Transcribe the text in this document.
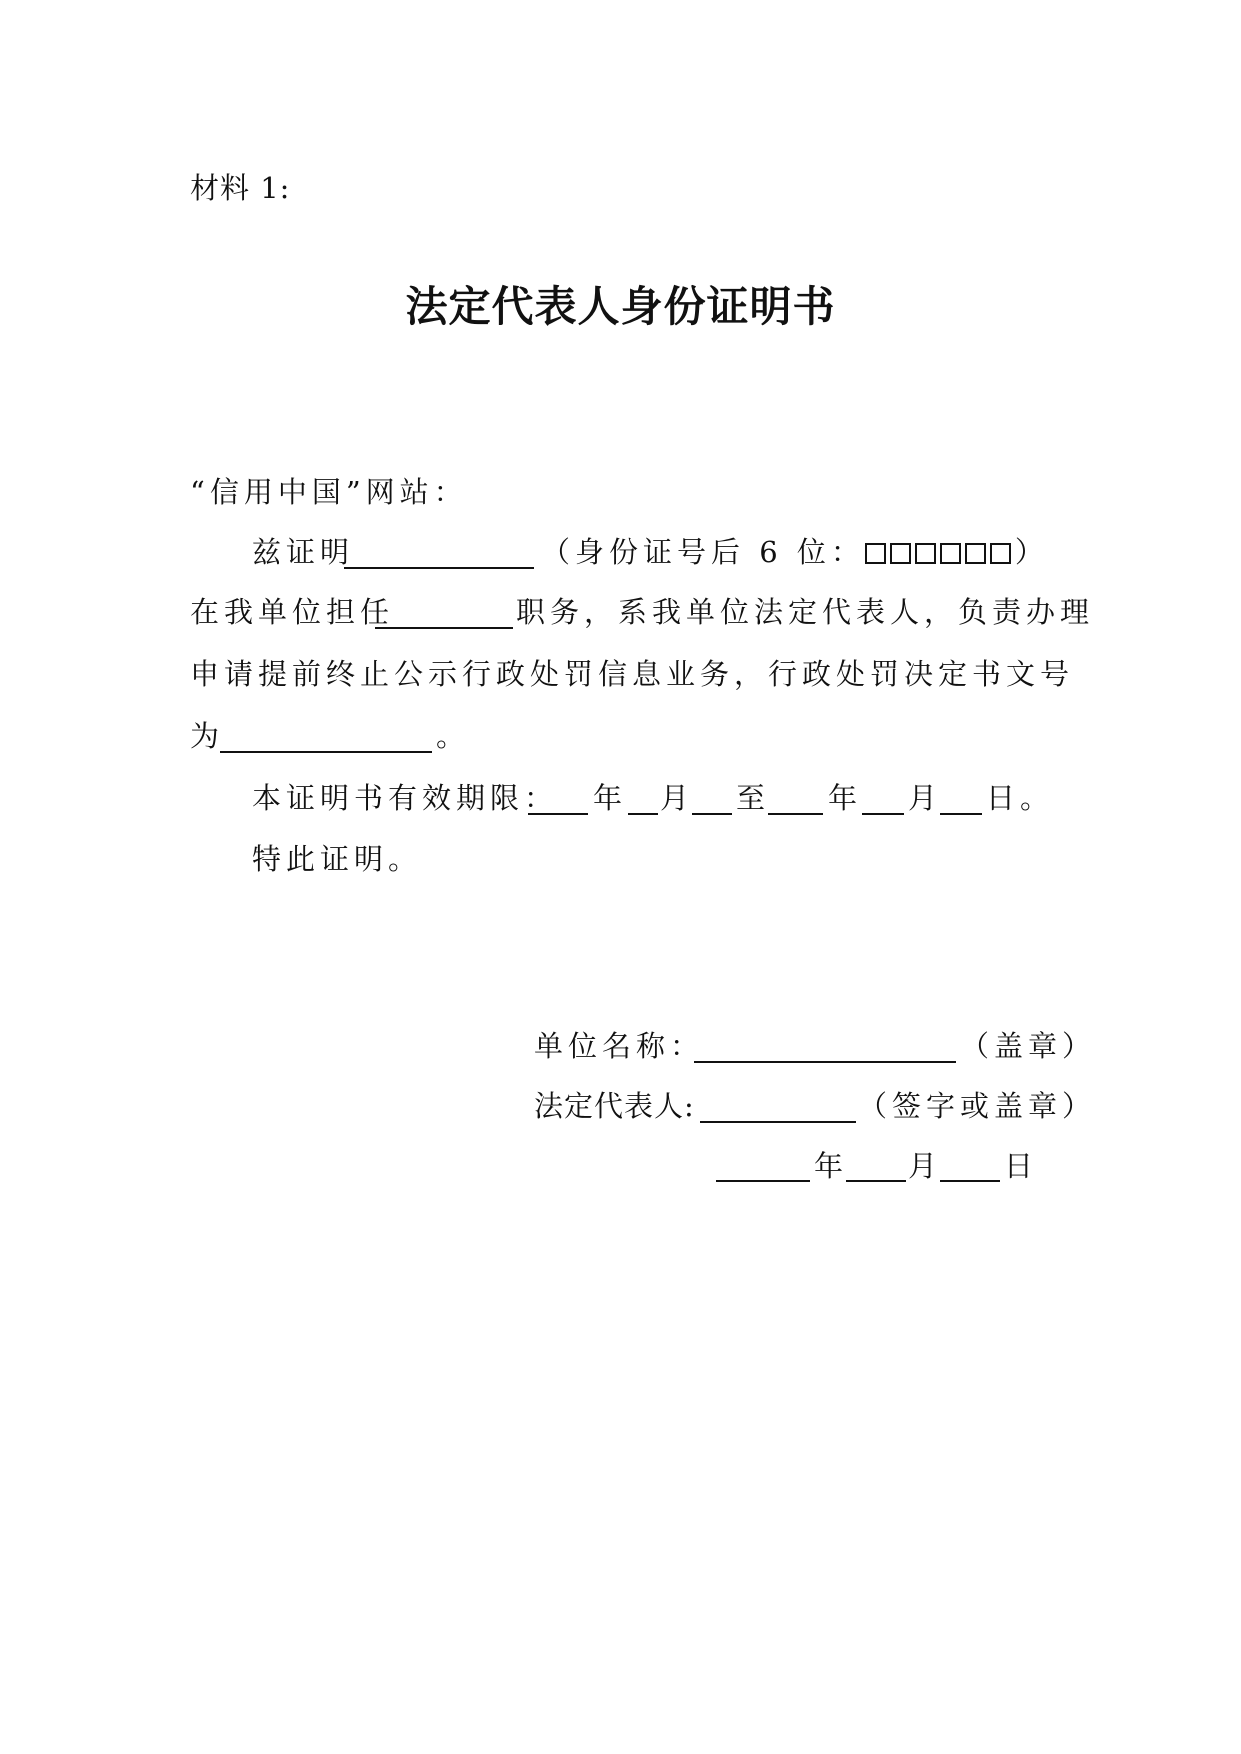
材料 1:
法定代表人身份证明书
“信用中国”网站：
兹证明	（身份证号后 6 位：	）
在我单位担任	职务，系我单位法定代表人，负责办理
申请提前终止公示行政处罚信息业务，行政处罚决定书文号
为	。
本证明书有效期限： 年 月 至 年 月 日。
特此证明。
单位名称：	（盖章）
法定代表人:	（签字或盖章）
年 月 日
